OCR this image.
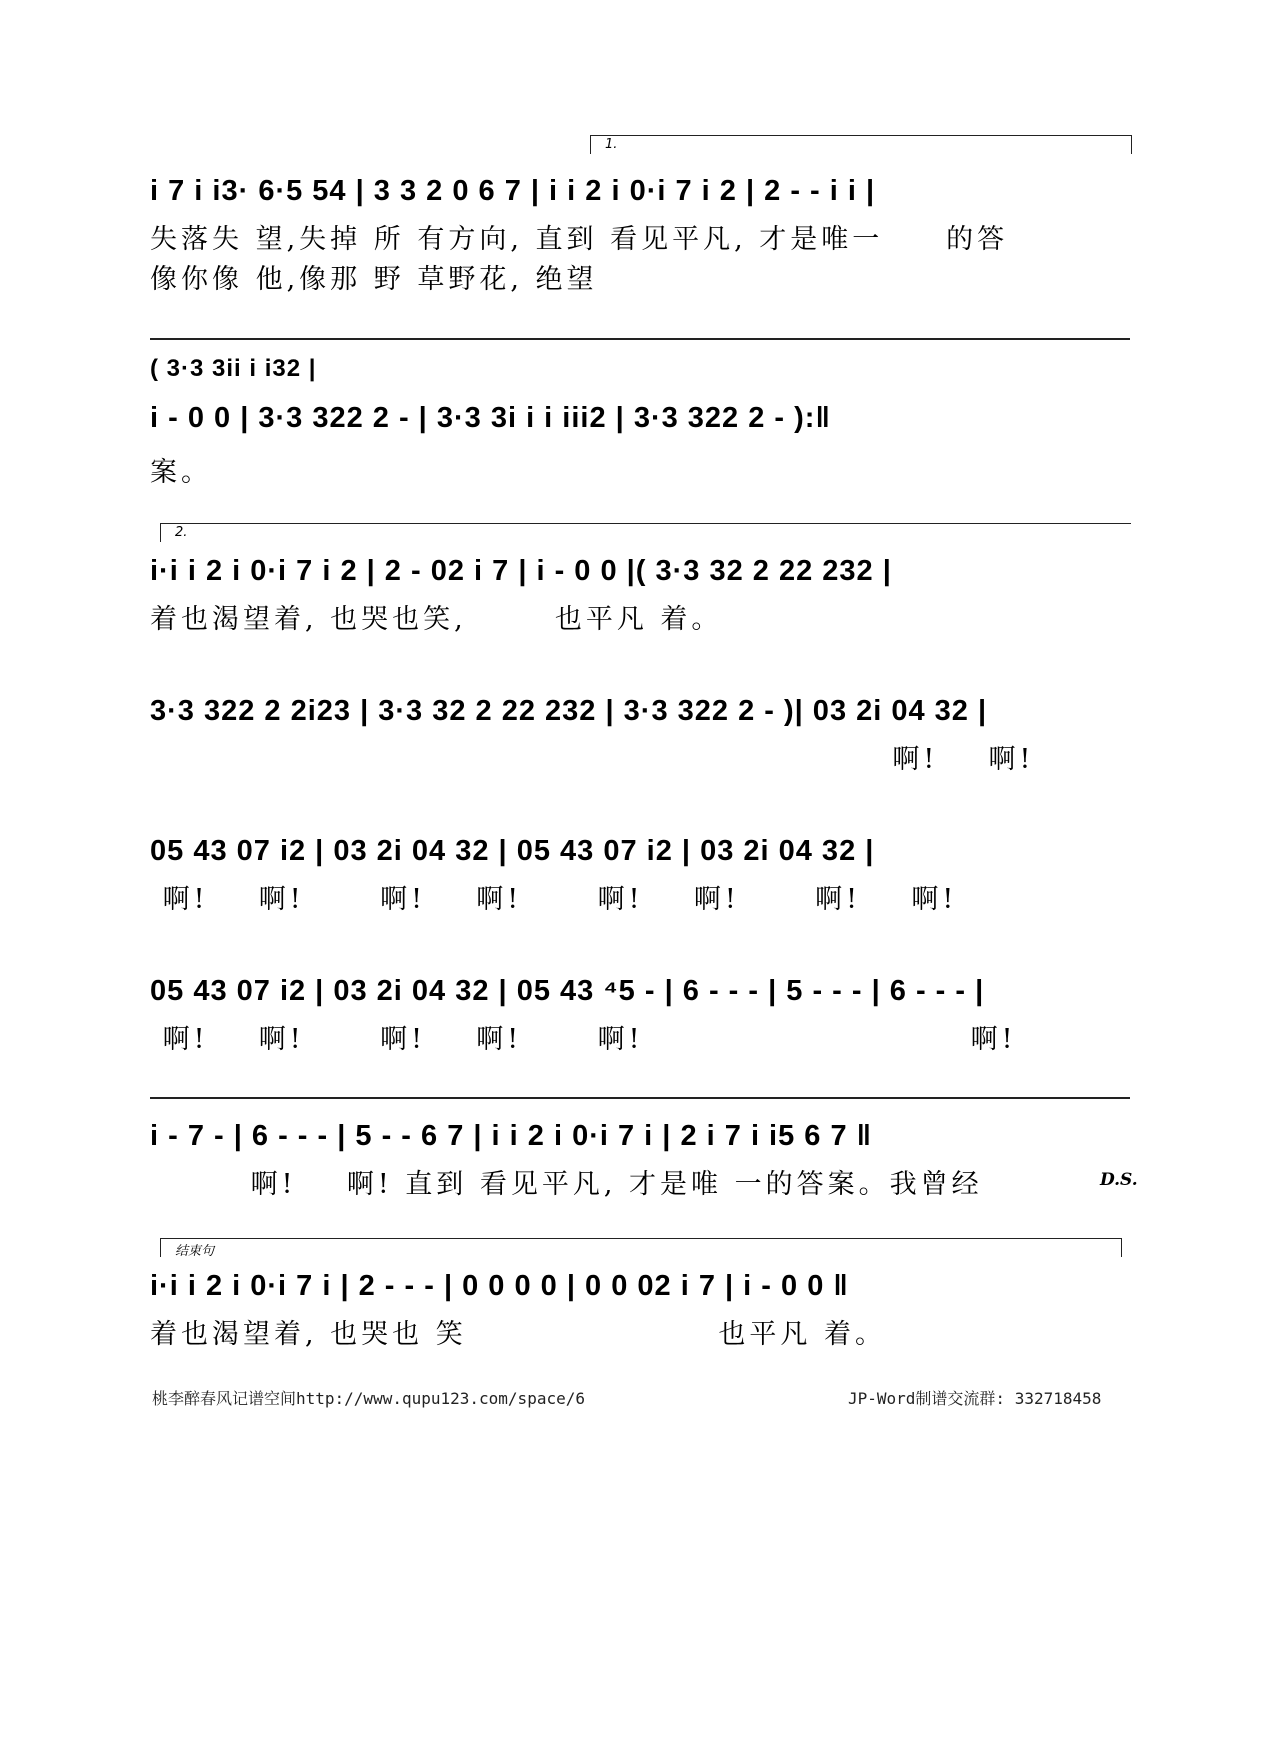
1.
i 7 i i3· 6·5 54 | 3 3 2 0 6 7 | i i 2 i 0·i 7 i 2 | 2 - - i i |
失落失 望,失掉 所 有方向, 直到 看见平凡, 才是唯一     的答
像你像 他,像那 野 草野花, 绝望
( 3·3 3ii i i32 |
i - 0 0 | 3·3 322 2 - | 3·3 3i i i iii2 | 3·3 322 2 - ):‖
案。
2.
i·i i 2 i 0·i 7 i 2 | 2 - 02 i 7 | i - 0 0 |( 3·3 32 2 22 232 |
着也渴望着, 也哭也笑,       也平凡 着。
3·3 322 2 2i23 | 3·3 32 2 22 232 | 3·3 322 2 - )| 03 2i 04 32 |
啊!    啊!
05 43 07 i2 | 03 2i 04 32 | 05 43 07 i2 | 03 2i 04 32 |
啊!    啊!      啊!    啊!      啊!    啊!      啊!    啊!
05 43 07 i2 | 03 2i 04 32 | 05 43 ⁴5 - | 6 - - - | 5 - - - | 6 - - - |
啊!    啊!      啊!    啊!      啊!                          啊!
i - 7 - | 6 - - - | 5 - - 6 7 | i i 2 i 0·i 7 i | 2 i 7 i i5 6 7 ‖
啊!    啊! 直到 看见平凡, 才是唯 一的答案。我曾经	D.S.
结束句
i·i i 2 i 0·i 7 i | 2 - - - | 0 0 0 0 | 0 0 02 i 7 | i - 0 0 ‖
着也渴望着, 也哭也 笑                    也平凡 着。
桃李醉春风记谱空间http://www.qupu123.com/space/6	JP-Word制谱交流群: 332718458
